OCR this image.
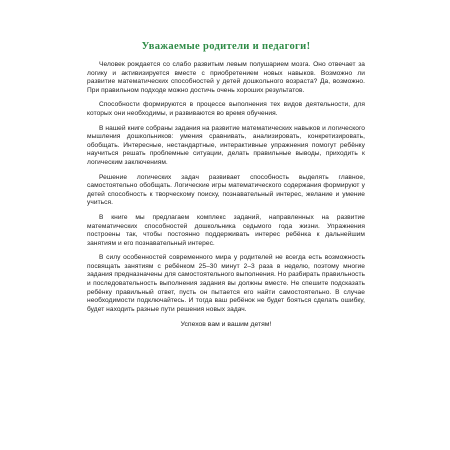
Уважаемые родители и педагоги!

Человек рождается со слабо развитым левым полушарием мозга. Оно отвечает за логику и активизируется вместе с приобретением новых навыков. Возможно ли развитие математических способностей у детей дошкольного возраста? Да, возможно. При правильном подходе можно достичь очень хороших результатов.

Способности формируются в процессе выполнения тех видов деятельности, для которых они необходимы, и развиваются во время обучения.

В нашей книге собраны задания на развитие математических навыков и логического мышления дошкольников: умения сравнивать, анализировать, конкретизировать, обобщать. Интересные, нестандартные, интерактивные упражнения помогут ребёнку научиться решать проблемные ситуации, делать правильные выводы, приходить к логическим заключениям.

Решение логических задач развивает способность выделять главное, самостоятельно обобщать. Логические игры математического содержания формируют у детей способность к творческому поиску, познавательный интерес, желание и умение учиться.

В книге мы предлагаем комплекс заданий, направленных на развитие математических способностей дошкольника седьмого года жизни. Упражнения построены так, чтобы постоянно поддерживать интерес ребёнка к дальнейшим занятиям и его познавательный интерес.

В силу особенностей современного мира у родителей не всегда есть возможность посвящать занятиям с ребёнком 25–30 минут 2–3 раза в неделю, поэтому многие задания предназначены для самостоятельного выполнения. Но разбирать правильность и последовательность выполнения задания вы должны вместе. Не спешите подсказать ребёнку правильный ответ, пусть он пытается его найти самостоятельно. В случае необходимости подключайтесь. И тогда ваш ребёнок не будет бояться сделать ошибку, будет находить разные пути решения новых задач.

Успехов вам и вашим детям!
